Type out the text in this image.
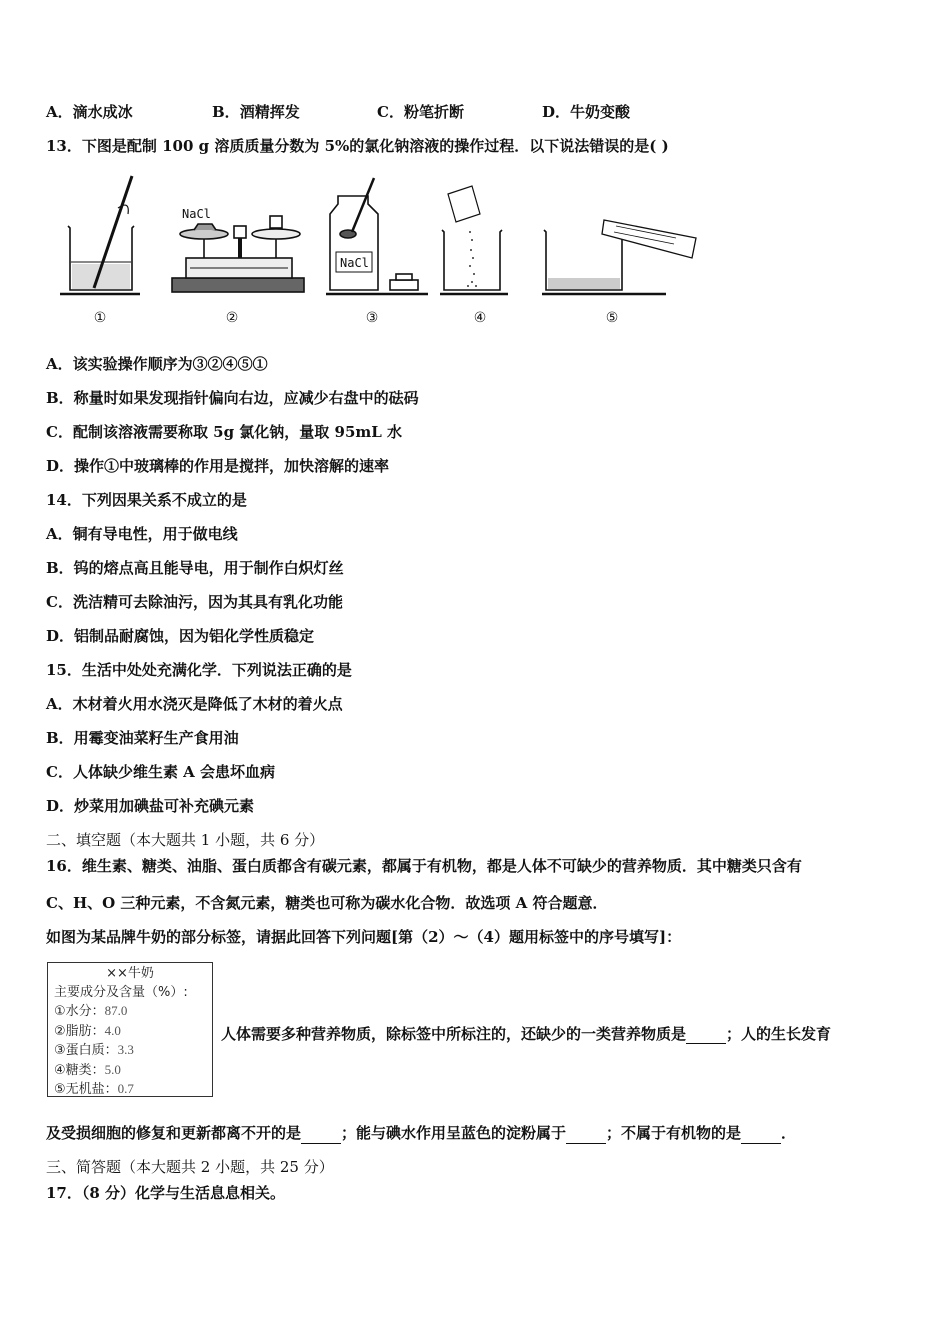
A．滴水成冰	B．酒精挥发	C．粉笔折断	D．牛奶变酸
13．下图是配制 100 g 溶质质量分数为 5%的氯化钠溶液的操作过程．以下说法错误的是( )
NaCl
NaCl
①	②	③	④	⑤
A．该实验操作顺序为③②④⑤①
B．称量时如果发现指针偏向右边，应减少右盘中的砝码
C．配制该溶液需要称取 5g 氯化钠，量取 95mL 水
D．操作①中玻璃棒的作用是搅拌，加快溶解的速率
14．下列因果关系不成立的是
A．铜有导电性，用于做电线
B．钨的熔点高且能导电，用于制作白炽灯丝
C．洗洁精可去除油污，因为其具有乳化功能
D．铝制品耐腐蚀，因为铝化学性质稳定
15．生活中处处充满化学．下列说法正确的是
A．木材着火用水浇灭是降低了木材的着火点
B．用霉变油菜籽生产食用油
C．人体缺少维生素 A 会患坏血病
D．炒菜用加碘盐可补充碘元素
二、填空题（本大题共 1 小题，共 6 分）
16．维生素、糖类、油脂、蛋白质都含有碳元素，都属于有机物，都是人体不可缺少的营养物质．其中糖类只含有
C、H、O 三种元素，不含氮元素，糖类也可称为碳水化合物．故选项 A 符合题意．
如图为某品牌牛奶的部分标签，请据此回答下列问题[第（2）～（4）题用标签中的序号填写]：
××牛奶
主要成分及含量（%）:
①水分：87.0
②脂肪：4.0
③蛋白质：3.3
④糖类：5.0
⑤无机盐：0.7
人体需要多种营养物质，除标签中所标注的，还缺少的一类营养物质是	；人的生长发育
及受损细胞的修复和更新都离不开的是	；能与碘水作用呈蓝色的淀粉属于	；不属于有机物的是	．
三、简答题（本大题共 2 小题，共 25 分）
17．（8 分）化学与生活息息相关。
